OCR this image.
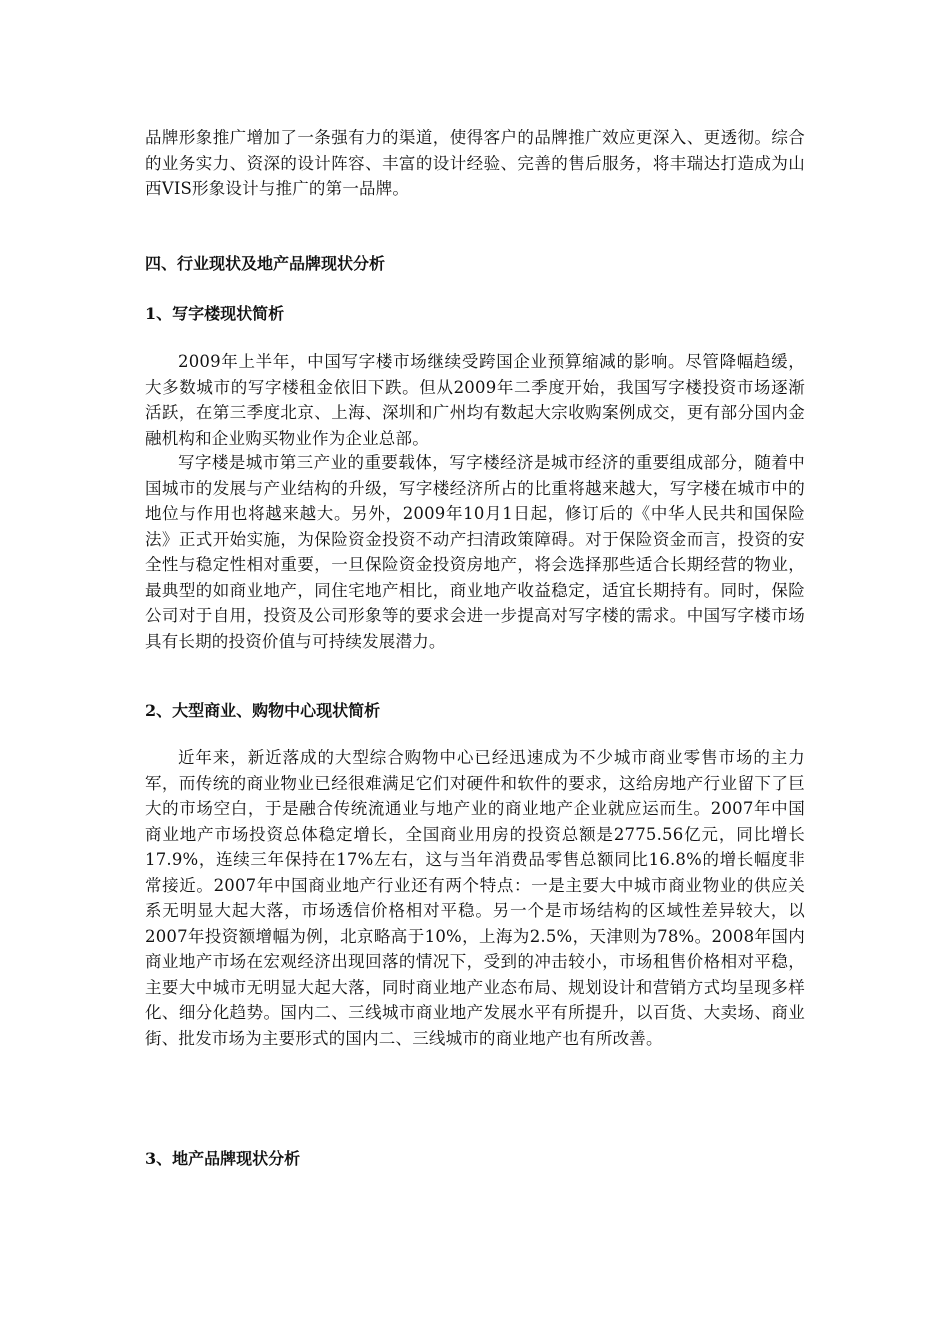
品牌形象推广增加了一条强有力的渠道，使得客户的品牌推广效应更深入、更透彻。综合的业务实力、资深的设计阵容、丰富的设计经验、完善的售后服务，将丰瑞达打造成为山西VIS形象设计与推广的第一品牌。

四、行业现状及地产品牌现状分析
1、写字楼现状简析

2009年上半年，中国写字楼市场继续受跨国企业预算缩减的影响。尽管降幅趋缓，大多数城市的写字楼租金依旧下跌。但从2009年二季度开始，我国写字楼投资市场逐渐活跃，在第三季度北京、上海、深圳和广州均有数起大宗收购案例成交，更有部分国内金融机构和企业购买物业作为企业总部。

写字楼是城市第三产业的重要载体，写字楼经济是城市经济的重要组成部分，随着中国城市的发展与产业结构的升级，写字楼经济所占的比重将越来越大，写字楼在城市中的地位与作用也将越来越大。另外，2009年10月1日起，修订后的《中华人民共和国保险法》正式开始实施，为保险资金投资不动产扫清政策障碍。对于保险资金而言，投资的安全性与稳定性相对重要，一旦保险资金投资房地产，将会选择那些适合长期经营的物业，最典型的如商业地产，同住宅地产相比，商业地产收益稳定，适宜长期持有。同时，保险公司对于自用，投资及公司形象等的要求会进一步提高对写字楼的需求。中国写字楼市场具有长期的投资价值与可持续发展潜力。

2、大型商业、购物中心现状简析

近年来，新近落成的大型综合购物中心已经迅速成为不少城市商业零售市场的主力军，而传统的商业物业已经很难满足它们对硬件和软件的要求，这给房地产行业留下了巨大的市场空白，于是融合传统流通业与地产业的商业地产企业就应运而生。2007年中国商业地产市场投资总体稳定增长，全国商业用房的投资总额是2775.56亿元，同比增长17.9%，连续三年保持在17%左右，这与当年消费品零售总额同比16.8%的增长幅度非常接近。2007年中国商业地产行业还有两个特点：一是主要大中城市商业物业的供应关系无明显大起大落，市场透信价格相对平稳。另一个是市场结构的区域性差异较大，以2007年投资额增幅为例，北京略高于10%，上海为2.5%，天津则为78%。2008年国内商业地产市场在宏观经济出现回落的情况下，受到的冲击较小，市场租售价格相对平稳，主要大中城市无明显大起大落，同时商业地产业态布局、规划设计和营销方式均呈现多样化、细分化趋势。国内二、三线城市商业地产发展水平有所提升，以百货、大卖场、商业街、批发市场为主要形式的国内二、三线城市的商业地产也有所改善。

3、地产品牌现状分析
